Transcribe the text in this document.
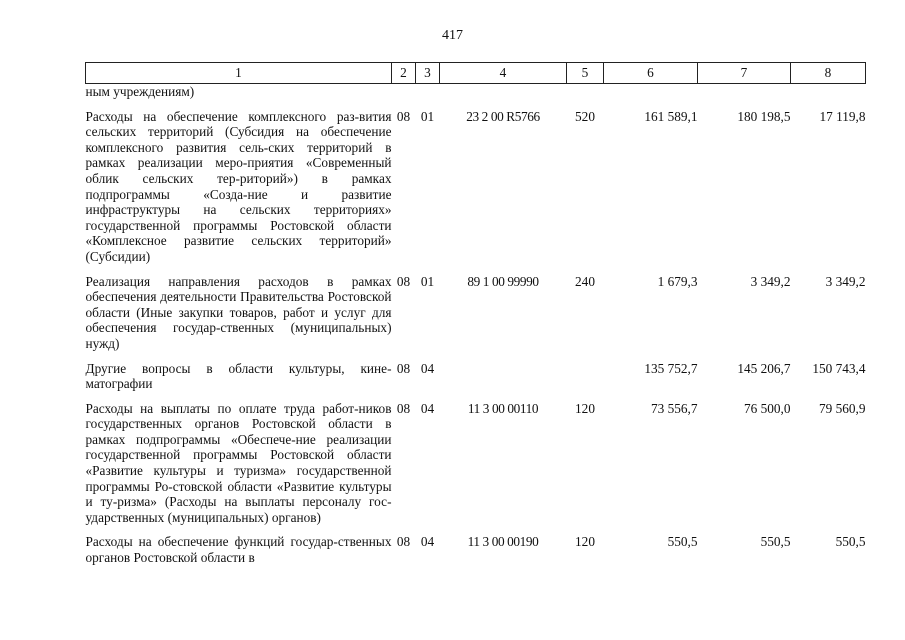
417
1	2	3	4	5	6	7	8
ным учреждениям)							
Расходы на обеспечение комплексного раз-вития сельских территорий (Субсидия на обеспечение комплексного развития сель-ских территорий в рамках реализации меро-приятия «Современный облик сельских тер-риторий») в рамках подпрограммы «Созда-ние и развитие инфраструктуры на сельских территориях» государственной программы Ростовской области «Комплексное развитие сельских территорий» (Субсидии)	08	01	23 2 00 R5766	520	161 589,1	180 198,5	17 119,8
Реализация направления расходов в рамках обеспечения деятельности Правительства Ростовской области (Иные закупки товаров, работ и услуг для обеспечения государ-ственных (муниципальных) нужд)	08	01	89 1 00 99990	240	1 679,3	3 349,2	3 349,2
Другие вопросы в области культуры, кине-матографии	08	04			135 752,7	145 206,7	150 743,4
Расходы на выплаты по оплате труда работ-ников государственных органов Ростовской области в рамках подпрограммы «Обеспече-ние реализации государственной программы Ростовской области «Развитие культуры и туризма» государственной программы Ро-стовской области «Развитие культуры и ту-ризма» (Расходы на выплаты персоналу гос-ударственных (муниципальных) органов)	08	04	11 3 00 00110	120	73 556,7	76 500,0	79 560,9
Расходы на обеспечение функций государ-ственных органов Ростовской области в	08	04	11 3 00 00190	120	550,5	550,5	550,5
